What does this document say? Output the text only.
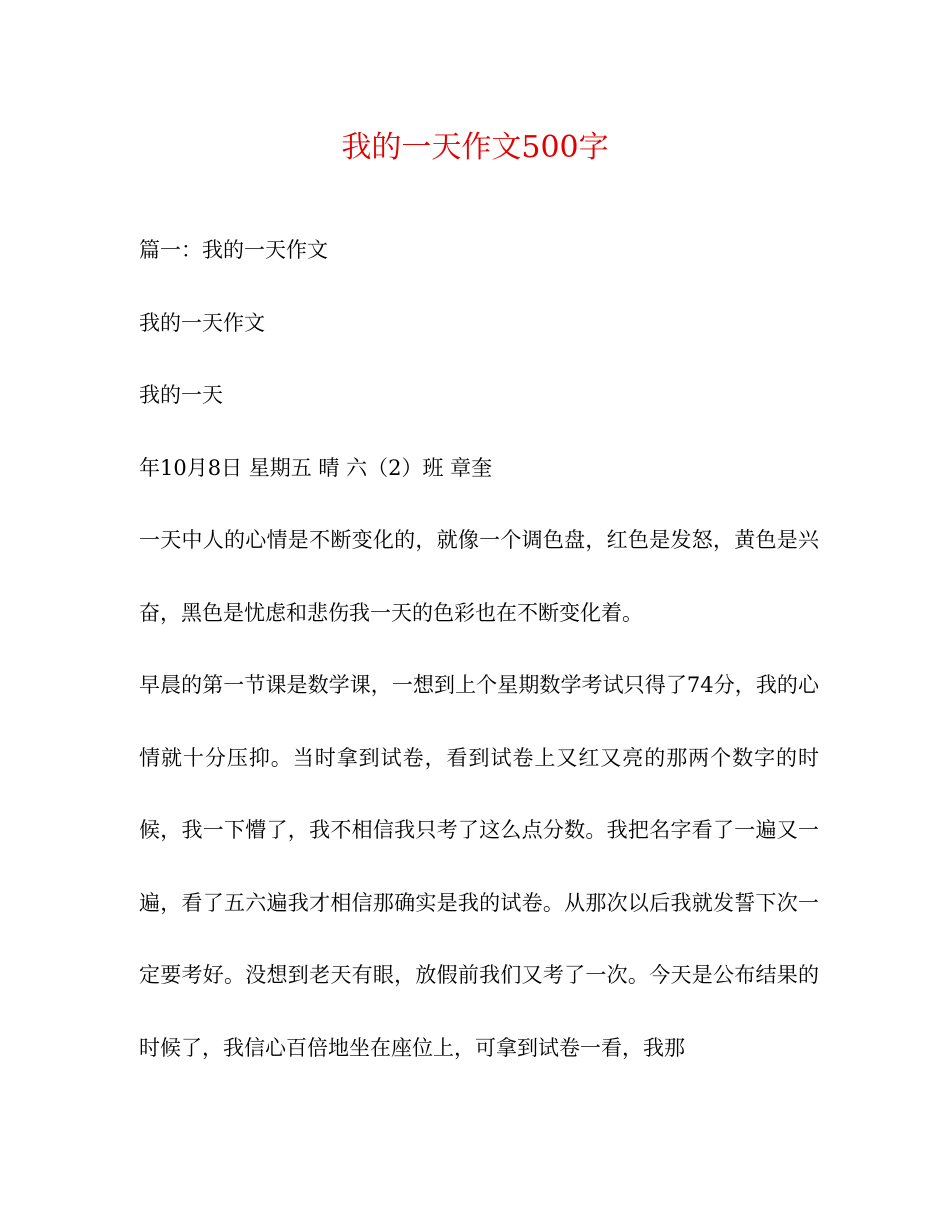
我的一天作文500字

篇一：我的一天作文

我的一天作文

我的一天

年10月8日 星期五 晴 六（2）班 章奎

一天中人的心情是不断变化的，就像一个调色盘，红色是发怒，黄色是兴奋，黑色是忧虑和悲伤我一天的色彩也在不断变化着。

早晨的第一节课是数学课，一想到上个星期数学考试只得了74分，我的心情就十分压抑。当时拿到试卷，看到试卷上又红又亮的那两个数字的时候，我一下懵了，我不相信我只考了这么点分数。我把名字看了一遍又一遍，看了五六遍我才相信那确实是我的试卷。从那次以后我就发誓下次一定要考好。没想到老天有眼，放假前我们又考了一次。今天是公布结果的时候了，我信心百倍地坐在座位上，可拿到试卷一看，我那
